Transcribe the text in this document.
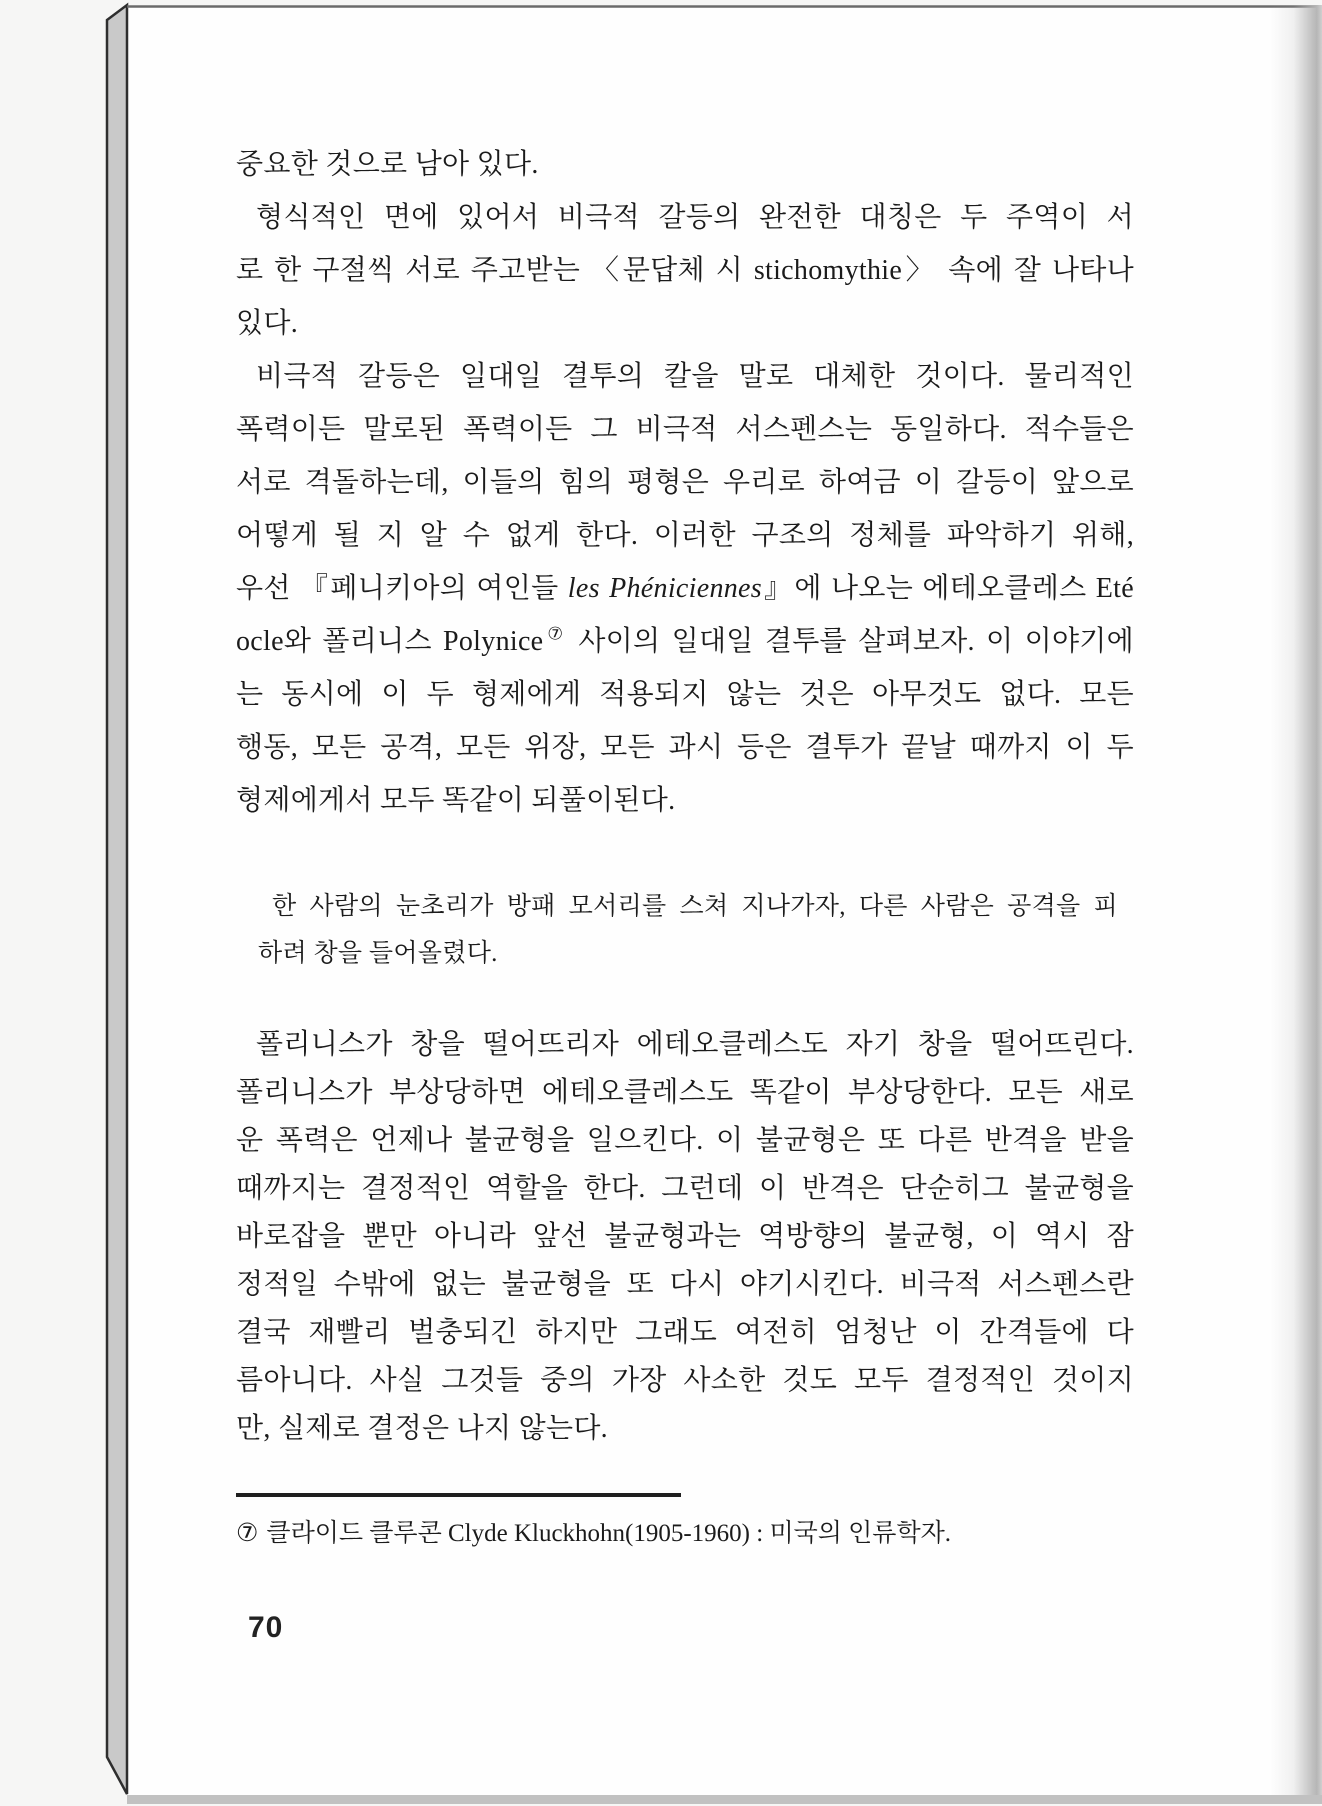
중요한 것으로 남아 있다.
형식적인 면에 있어서 비극적 갈등의 완전한 대칭은 두 주역이 서
로 한 구절씩 서로 주고받는 〈문답체 시 stichomythie〉 속에 잘 나타나
있다.
비극적 갈등은 일대일 결투의 칼을 말로 대체한 것이다. 물리적인
폭력이든 말로된 폭력이든 그 비극적 서스펜스는 동일하다. 적수들은
서로 격돌하는데, 이들의 힘의 평형은 우리로 하여금 이 갈등이 앞으로
어떻게 될 지 알 수 없게 한다. 이러한 구조의 정체를 파악하기 위해,
우선 『페니키아의 여인들 les Phéniciennes』에 나오는 에테오클레스 Eté
ocle와 폴리니스 Polynice⑦ 사이의 일대일 결투를 살펴보자. 이 이야기에
는 동시에 이 두 형제에게 적용되지 않는 것은 아무것도 없다. 모든
행동, 모든 공격, 모든 위장, 모든 과시 등은 결투가 끝날 때까지 이 두
형제에게서 모두 똑같이 되풀이된다.
한 사람의 눈초리가 방패 모서리를 스쳐 지나가자, 다른 사람은 공격을 피
하려 창을 들어올렸다.
폴리니스가 창을 떨어뜨리자 에테오클레스도 자기 창을 떨어뜨린다.
폴리니스가 부상당하면 에테오클레스도 똑같이 부상당한다. 모든 새로
운 폭력은 언제나 불균형을 일으킨다. 이 불균형은 또 다른 반격을 받을
때까지는 결정적인 역할을 한다. 그런데 이 반격은 단순히그 불균형을
바로잡을 뿐만 아니라 앞선 불균형과는 역방향의 불균형, 이 역시 잠
정적일 수밖에 없는 불균형을 또 다시 야기시킨다. 비극적 서스펜스란
결국 재빨리 벌충되긴 하지만 그래도 여전히 엄청난 이 간격들에 다
름아니다. 사실 그것들 중의 가장 사소한 것도 모두 결정적인 것이지
만, 실제로 결정은 나지 않는다.
⑦ 클라이드 클루콘 Clyde Kluckhohn(1905-1960) : 미국의 인류학자.
70
